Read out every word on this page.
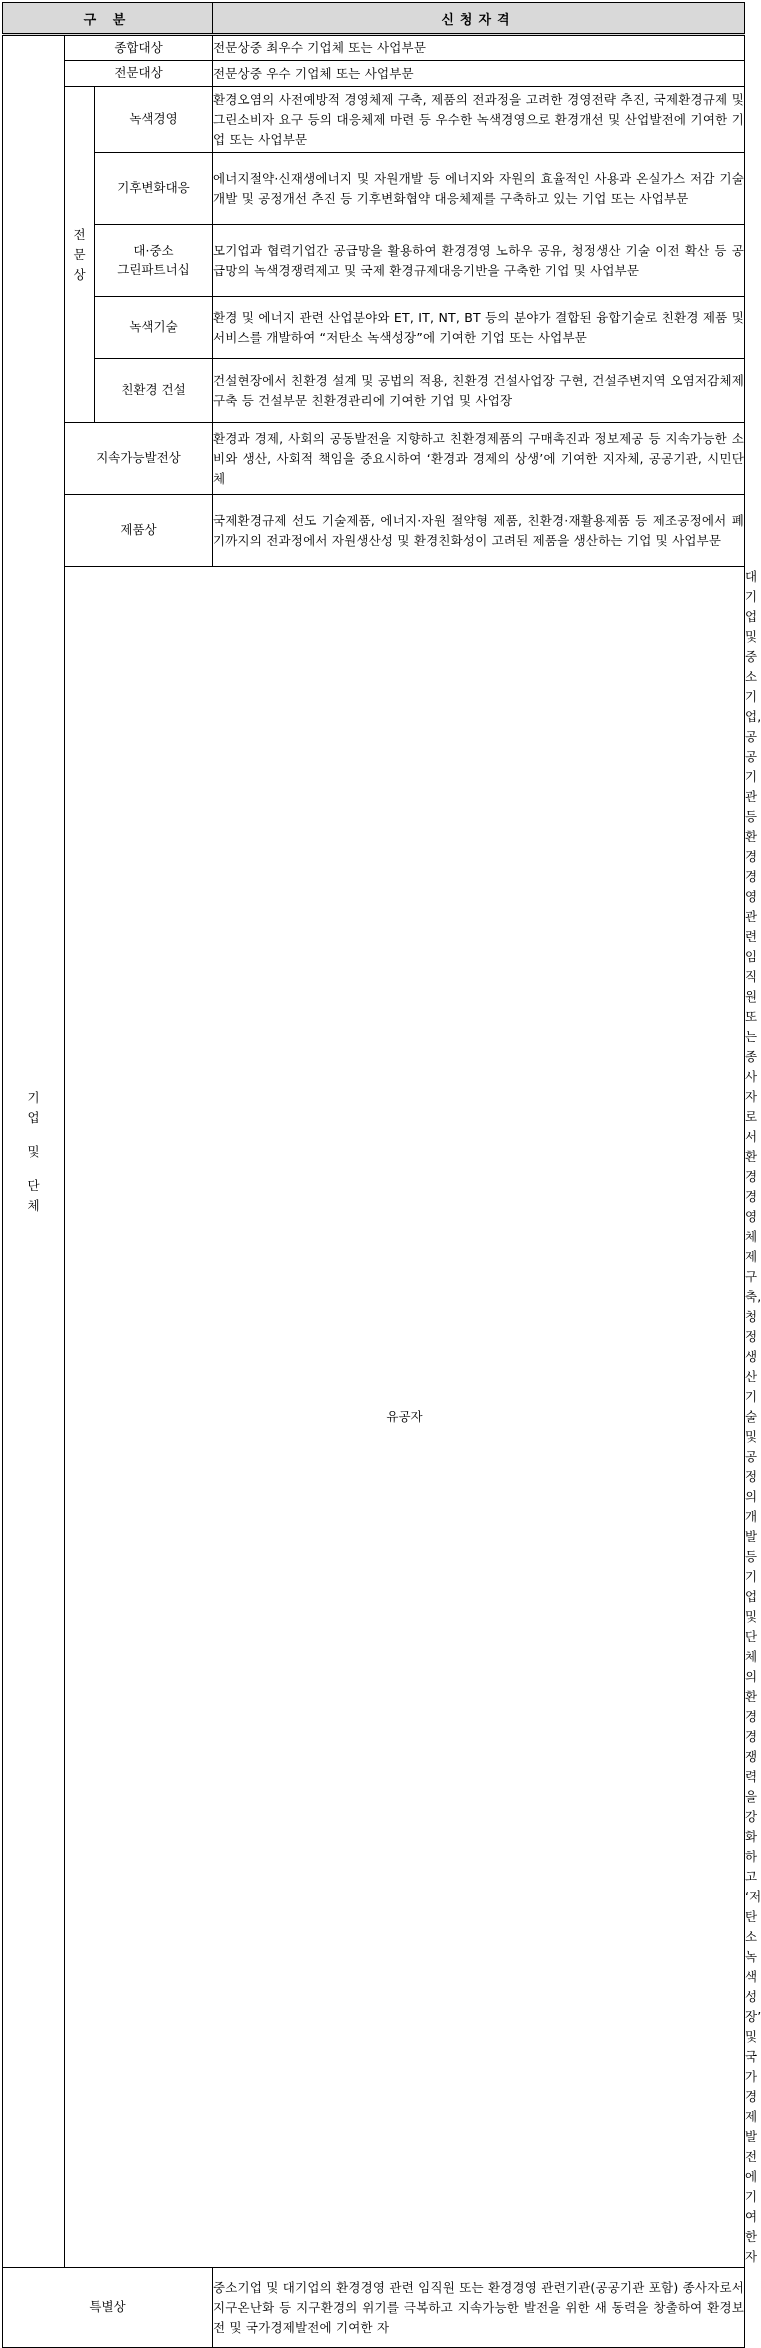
구 분			신청자격	

기
업
및
단
체	종합대상		전문상중 최우수 기업체 또는 사업부문	
	전문대상		전문상중 우수 기업체 또는 사업부문	

	전
문
상	녹색경영	환경오염의 사전예방적 경영체제 구축, 제품의 전과정을 고려한 경영전략 추진, 국제환경규제 및 그린소비자 요구 등의 대응체제 마련 등 우수한 녹색경영으로 환경개선 및 산업발전에 기여한 기업 또는 사업부문	
		기후변화대응	에너지절약·신재생에너지 및 자원개발 등 에너지와 자원의 효율적인 사용과 온실가스 저감 기술개발 및 공정개선 추진 등 기후변화협약 대응체제를 구축하고 있는 기업 또는 사업부문	

		대·중소
그린파트너십	모기업과 협력기업간 공급망을 활용하여 환경경영 노하우 공유, 청정생산 기술 이전 확산 등 공급망의 녹색경쟁력제고 및 국제 환경규제대응기반을 구축한 기업 및 사업부문	
		녹색기술	환경 및 에너지 관련 산업분야와 ET, IT, NT, BT 등의 분야가 결합된 융합기술로 친환경 제품 및 서비스를 개발하여 “저탄소 녹색성장”에 기여한 기업 또는 사업부문	
		친환경 건설	건설현장에서 친환경 설계 및 공법의 적용, 친환경 건설사업장 구현, 건설주변지역 오염저감체제 구축 등 건설부문 친환경관리에 기여한 기업 및 사업장	
	지속가능발전상		환경과 경제, 사회의 공동발전을 지향하고 친환경제품의 구매촉진과 정보제공 등 지속가능한 소비와 생산, 사회적 책임을 중요시하여 ‘환경과 경제의 상생’에 기여한 지자체, 공공기관, 시민단체	
	제품상		국제환경규제 선도 기술제품, 에너지·자원 절약형 제품, 친환경·재활용제품 등 제조공정에서 폐기까지의 전과정에서 자원생산성 및 환경친화성이 고려된 제품을 생산하는 기업 및 사업부문	
	유공자			대기업 및 중소기업, 공공기관 등 환경경영 관련 임직원 또는 종사자로서 환경경영체제구축, 청정생산 기술 및 공정의 개발 등 기업 및 단체의 환경경쟁력을 강화하고 ‘저탄소 녹색성장’ 및 국가 경제발전에 기여한 자
특별상			중소기업 및 대기업의 환경경영 관련 임직원 또는 환경경영 관련기관(공공기관 포함) 종사자로서 지구온난화 등 지구환경의 위기를 극복하고 지속가능한 발전을 위한 새 동력을 창출하여 환경보전 및 국가경제발전에 기여한 자	
